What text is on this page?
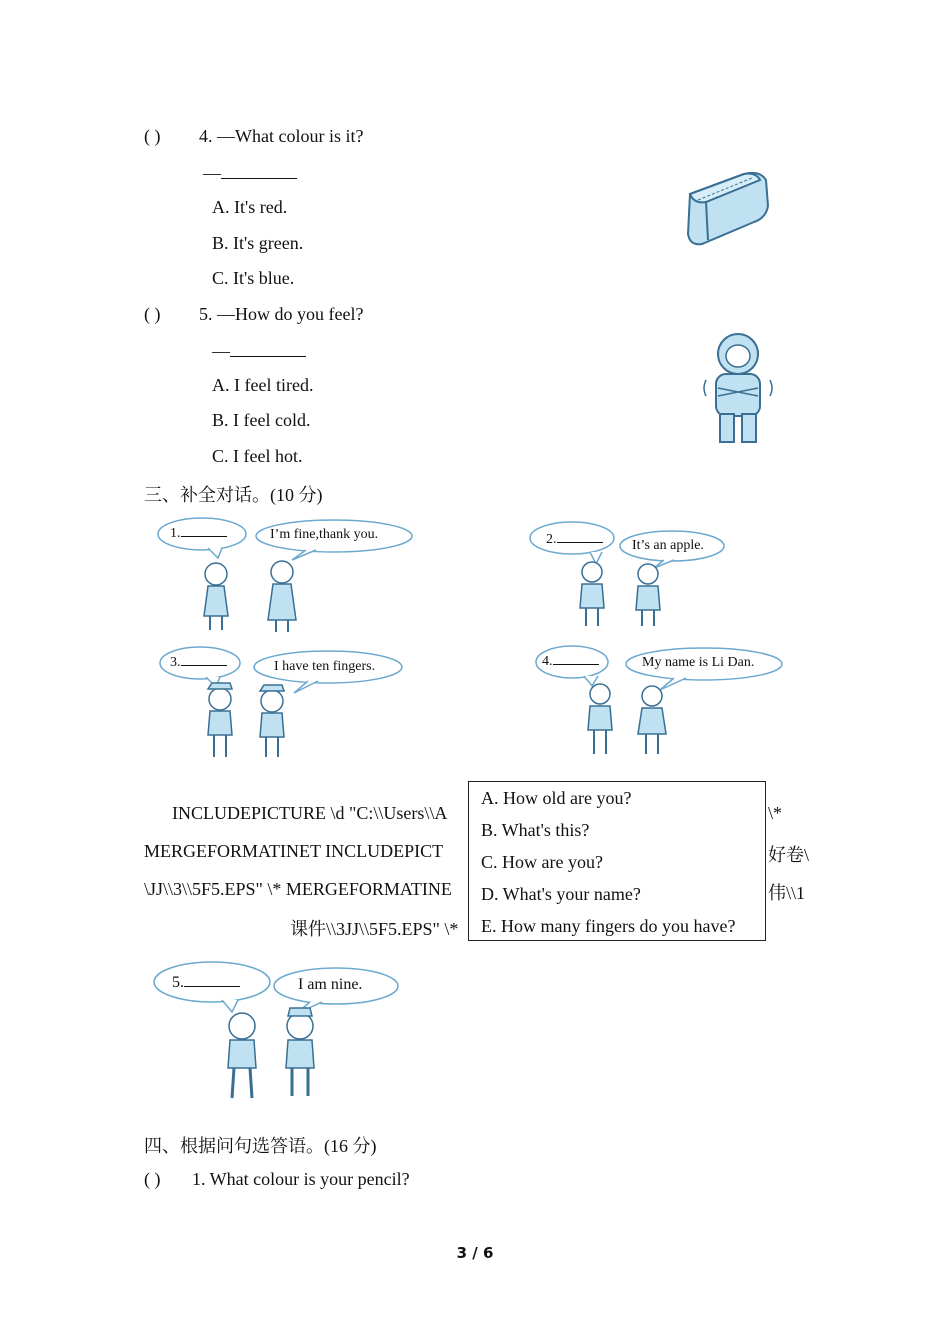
( ) 4. —What colour is it?
—
A. It's red.
B. It's green.
C. It's blue.
( ) 5. —How do you feel?
—
A. I feel tired.
B. I feel cold.
C. I feel hot.
三、补全对话。(10 分)
1.	I’m fine,thank you.	2.	It’s an apple.
3.	I have ten fingers.	4.	My name is Li Dan.
INCLUDEPICTURE \d "C:\\Users\\A	\*
MERGEFORMATINET INCLUDEPICT	好卷\
\JJ\\3\\5F5.EPS" \* MERGEFORMATINE	伟\\1
课件\\3JJ\\5F5.EPS" \*
A. How old are you?
B. What's this?
C. How are you?
D. What's your name?
E. How many fingers do you have?
5.	I am nine.
四、根据问句选答语。(16 分)
( ) 1. What colour is your pencil?
3 / 6
